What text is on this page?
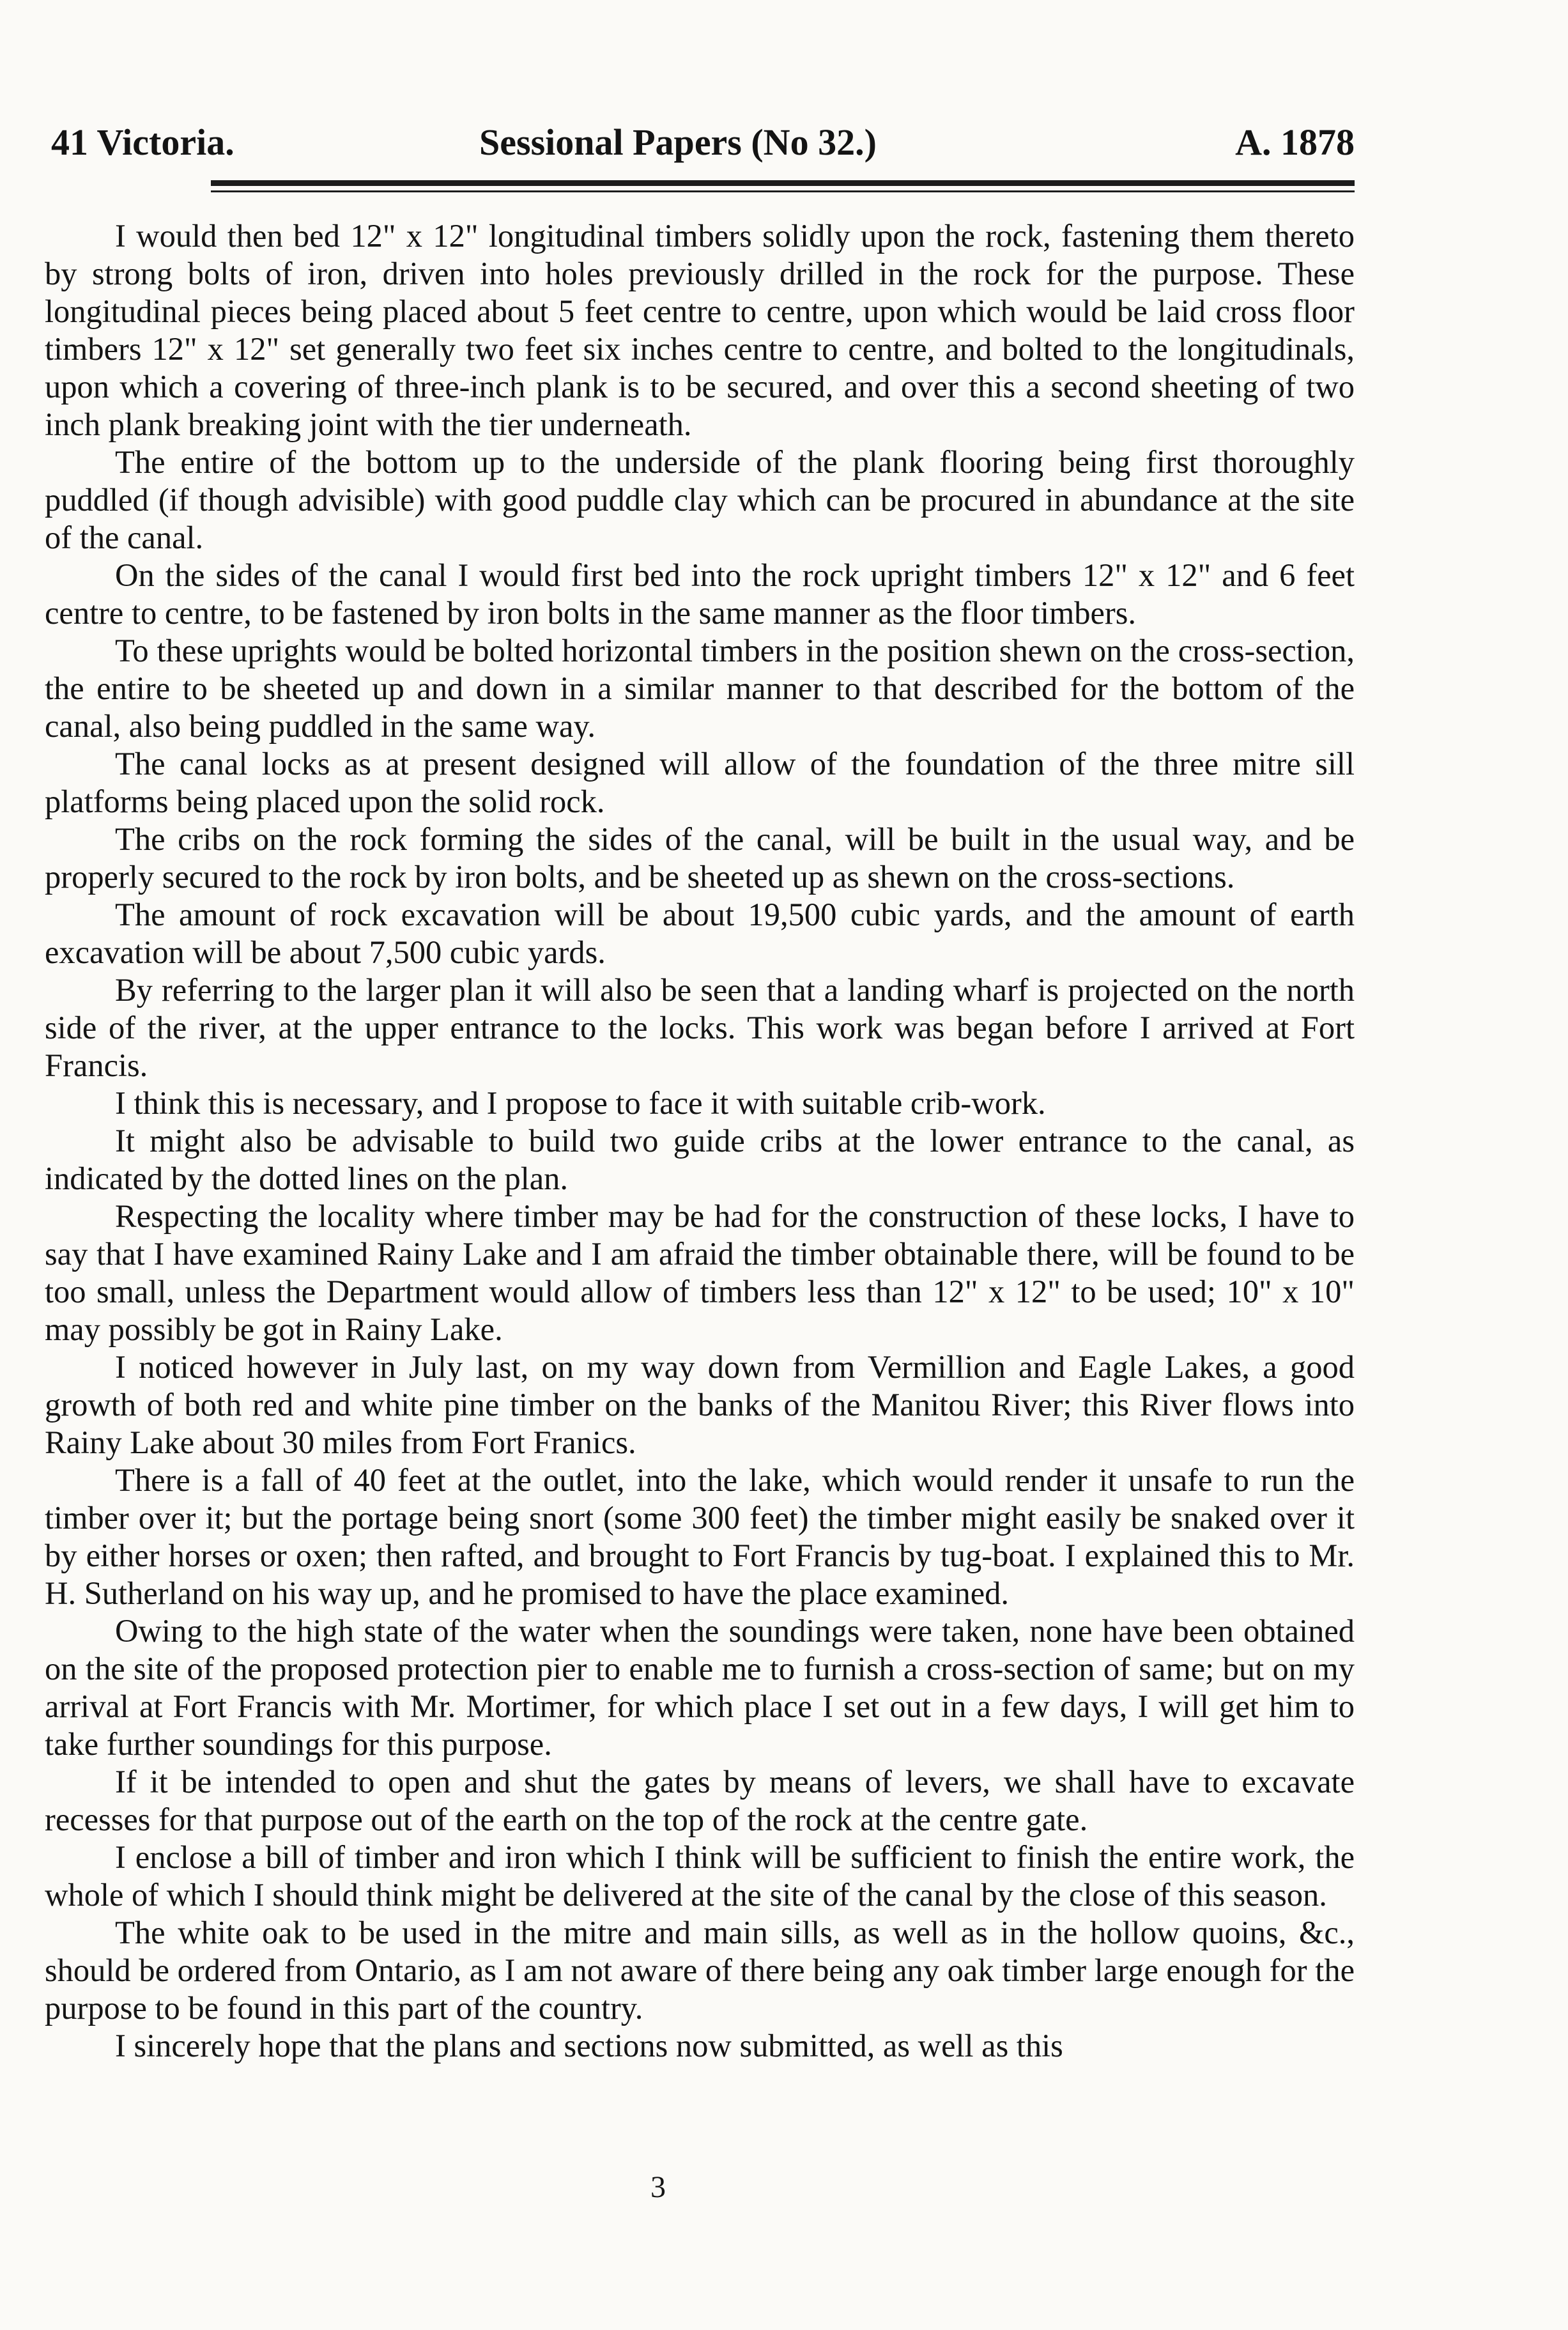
41 Victoria.	Sessional Papers (No 32.)	A. 1878

I would then bed 12" x 12" longitudinal timbers solidly upon the rock, fastening them thereto by strong bolts of iron, driven into holes previously drilled in the rock for the purpose. These longitudinal pieces being placed about 5 feet centre to centre, upon which would be laid cross floor timbers 12" x 12" set generally two feet six inches centre to centre, and bolted to the longitudinals, upon which a covering of three-inch plank is to be secured, and over this a second sheeting of two inch plank breaking joint with the tier underneath.

The entire of the bottom up to the underside of the plank flooring being first thoroughly puddled (if though advisible) with good puddle clay which can be procured in abundance at the site of the canal.

On the sides of the canal I would first bed into the rock upright timbers 12" x 12" and 6 feet centre to centre, to be fastened by iron bolts in the same manner as the floor timbers.

To these uprights would be bolted horizontal timbers in the position shewn on the cross-section, the entire to be sheeted up and down in a similar manner to that described for the bottom of the canal, also being puddled in the same way.

The canal locks as at present designed will allow of the foundation of the three mitre sill platforms being placed upon the solid rock.

The cribs on the rock forming the sides of the canal, will be built in the usual way, and be properly secured to the rock by iron bolts, and be sheeted up as shewn on the cross-sections.

The amount of rock excavation will be about 19,500 cubic yards, and the amount of earth excavation will be about 7,500 cubic yards.

By referring to the larger plan it will also be seen that a landing wharf is projected on the north side of the river, at the upper entrance to the locks. This work was began before I arrived at Fort Francis.

I think this is necessary, and I propose to face it with suitable crib-work.

It might also be advisable to build two guide cribs at the lower entrance to the canal, as indicated by the dotted lines on the plan.

Respecting the locality where timber may be had for the construction of these locks, I have to say that I have examined Rainy Lake and I am afraid the timber obtainable there, will be found to be too small, unless the Department would allow of timbers less than 12" x 12" to be used; 10" x 10" may possibly be got in Rainy Lake.

I noticed however in July last, on my way down from Vermillion and Eagle Lakes, a good growth of both red and white pine timber on the banks of the Manitou River; this River flows into Rainy Lake about 30 miles from Fort Franics.

There is a fall of 40 feet at the outlet, into the lake, which would render it unsafe to run the timber over it; but the portage being snort (some 300 feet) the timber might easily be snaked over it by either horses or oxen; then rafted, and brought to Fort Francis by tug-boat. I explained this to Mr. H. Sutherland on his way up, and he promised to have the place examined.

Owing to the high state of the water when the soundings were taken, none have been obtained on the site of the proposed protection pier to enable me to furnish a cross-section of same; but on my arrival at Fort Francis with Mr. Mortimer, for which place I set out in a few days, I will get him to take further soundings for this purpose.

If it be intended to open and shut the gates by means of levers, we shall have to excavate recesses for that purpose out of the earth on the top of the rock at the centre gate.

I enclose a bill of timber and iron which I think will be sufficient to finish the entire work, the whole of which I should think might be delivered at the site of the canal by the close of this season.

The white oak to be used in the mitre and main sills, as well as in the hollow quoins, &c., should be ordered from Ontario, as I am not aware of there being any oak timber large enough for the purpose to be found in this part of the country.

I sincerely hope that the plans and sections now submitted, as well as this

3
